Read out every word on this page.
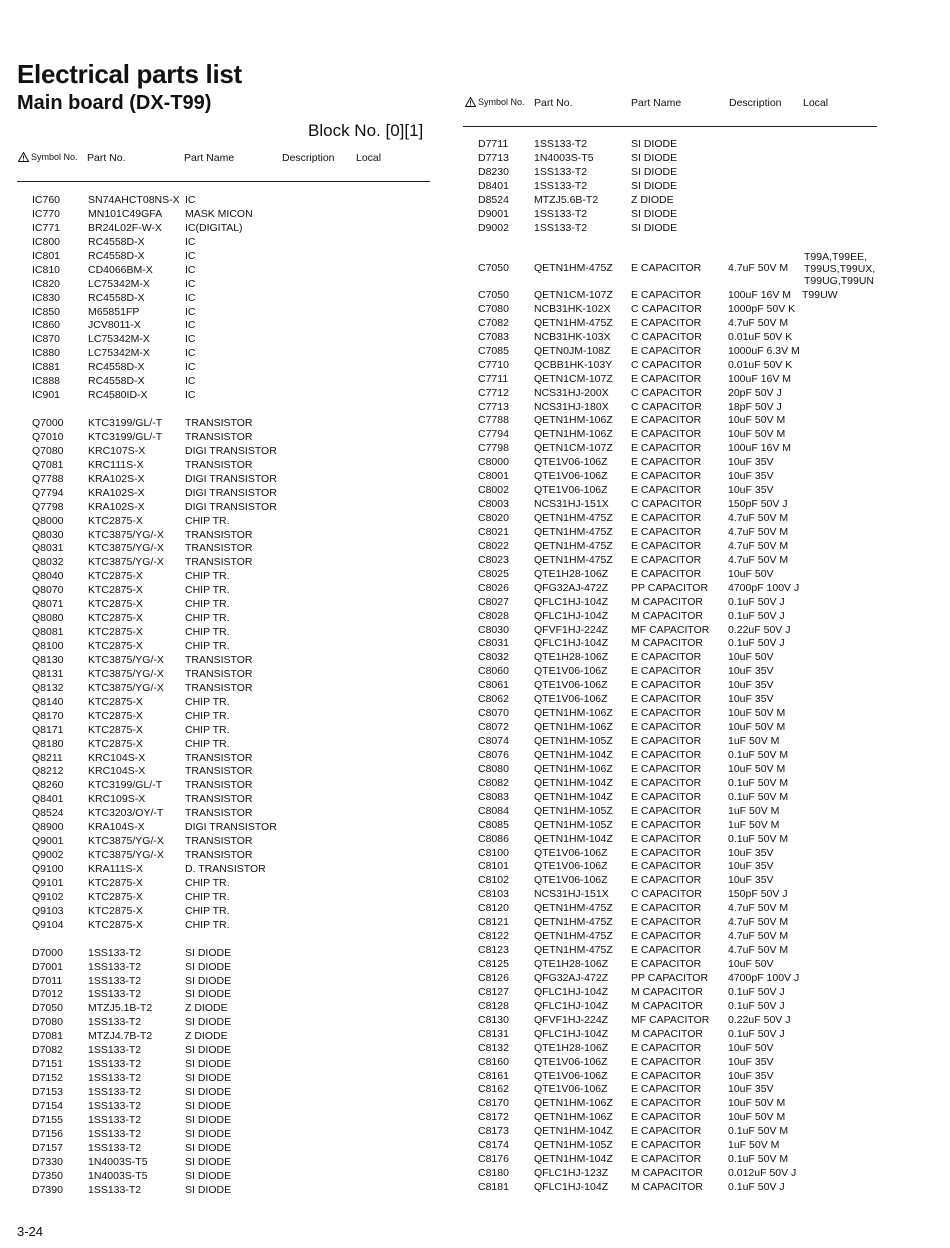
Electrical parts list
Main board (DX-T99)
Block No. [0][1]
Symbol No. Part No.	Part Name	Description Local
Symbol No. Part No.	Part Name	Description Local
IC760	SN74AHCT08NS-X IC
IC770	MN101C49GFA	MASK MICON
IC771	BR24L02F-W-X	IC(DIGITAL)
IC800	RC4558D-X	IC
IC801	RC4558D-X	IC
IC810	CD4066BM-X	IC
IC820	LC75342M-X	IC
IC830	RC4558D-X	IC
IC850	M65851FP	IC
IC860	JCV8011-X	IC
IC870	LC75342M-X	IC
IC880	LC75342M-X	IC
IC881	RC4558D-X	IC
IC888	RC4558D-X	IC
IC901	RC4580ID-X	IC
Q7000	KTC3199/GL/-T	TRANSISTOR
Q7010	KTC3199/GL/-T	TRANSISTOR
Q7080	KRC107S-X	DIGI TRANSISTOR
Q7081	KRC111S-X	TRANSISTOR
Q7788	KRA102S-X	DIGI TRANSISTOR
Q7794	KRA102S-X	DIGI TRANSISTOR
Q7798	KRA102S-X	DIGI TRANSISTOR
Q8000	KTC2875-X	CHIP TR.
Q8030	KTC3875/YG/-X	TRANSISTOR
Q8031	KTC3875/YG/-X	TRANSISTOR
Q8032	KTC3875/YG/-X	TRANSISTOR
Q8040	KTC2875-X	CHIP TR.
Q8070	KTC2875-X	CHIP TR.
Q8071	KTC2875-X	CHIP TR.
Q8080	KTC2875-X	CHIP TR.
Q8081	KTC2875-X	CHIP TR.
Q8100	KTC2875-X	CHIP TR.
Q8130	KTC3875/YG/-X	TRANSISTOR
Q8131	KTC3875/YG/-X	TRANSISTOR
Q8132	KTC3875/YG/-X	TRANSISTOR
Q8140	KTC2875-X	CHIP TR.
Q8170	KTC2875-X	CHIP TR.
Q8171	KTC2875-X	CHIP TR.
Q8180	KTC2875-X	CHIP TR.
Q8211	KRC104S-X	TRANSISTOR
Q8212	KRC104S-X	TRANSISTOR
Q8260	KTC3199/GL/-T	TRANSISTOR
Q8401	KRC109S-X	TRANSISTOR
Q8524	KTC3203/OY/-T	TRANSISTOR
Q8900	KRA104S-X	DIGI TRANSISTOR
Q9001	KTC3875/YG/-X	TRANSISTOR
Q9002	KTC3875/YG/-X	TRANSISTOR
Q9100	KRA111S-X	D. TRANSISTOR
Q9101	KTC2875-X	CHIP TR.
Q9102	KTC2875-X	CHIP TR.
Q9103	KTC2875-X	CHIP TR.
Q9104	KTC2875-X	CHIP TR.
D7000	1SS133-T2	SI DIODE
D7001	1SS133-T2	SI DIODE
D7011	1SS133-T2	SI DIODE
D7012	1SS133-T2	SI DIODE
D7050	MTZJ5.1B-T2	Z DIODE
D7080	1SS133-T2	SI DIODE
D7081	MTZJ4.7B-T2	Z DIODE
D7082	1SS133-T2	SI DIODE
D7151	1SS133-T2	SI DIODE
D7152	1SS133-T2	SI DIODE
D7153	1SS133-T2	SI DIODE
D7154	1SS133-T2	SI DIODE
D7155	1SS133-T2	SI DIODE
D7156	1SS133-T2	SI DIODE
D7157	1SS133-T2	SI DIODE
D7330	1N4003S-T5	SI DIODE
D7350	1N4003S-T5	SI DIODE
D7390	1SS133-T2	SI DIODE
D7711	1SS133-T2	SI DIODE
D7713	1N4003S-T5	SI DIODE
D8230	1SS133-T2	SI DIODE
D8401	1SS133-T2	SI DIODE
D8524	MTZJ5.6B-T2	Z DIODE
D9001	1SS133-T2	SI DIODE
D9002	1SS133-T2	SI DIODE
C7050	QETN1HM-475Z	E CAPACITOR	4.7uF 50V M
T99A,T99EE,
T99US,T99UX,
T99UG,T99UN
C7050	QETN1CM-107Z	E CAPACITOR	100uF 16V M	T99UW
C7080	NCB31HK-102X	C CAPACITOR	1000pF 50V K
C7082	QETN1HM-475Z	E CAPACITOR	4.7uF 50V M
C7083	NCB31HK-103X	C CAPACITOR	0.01uF 50V K
C7085	QETN0JM-108Z	E CAPACITOR	1000uF 6.3V M
C7710	QCBB1HK-103Y	C CAPACITOR	0.01uF 50V K
C7711	QETN1CM-107Z	E CAPACITOR	100uF 16V M
C7712	NCS31HJ-200X	C CAPACITOR	20pF 50V J
C7713	NCS31HJ-180X	C CAPACITOR	18pF 50V J
C7788	QETN1HM-106Z	E CAPACITOR	10uF 50V M
C7794	QETN1HM-106Z	E CAPACITOR	10uF 50V M
C7798	QETN1CM-107Z	E CAPACITOR	100uF 16V M
C8000	QTE1V06-106Z	E CAPACITOR	10uF 35V
C8001	QTE1V06-106Z	E CAPACITOR	10uF 35V
C8002	QTE1V06-106Z	E CAPACITOR	10uF 35V
C8003	NCS31HJ-151X	C CAPACITOR	150pF 50V J
C8020	QETN1HM-475Z	E CAPACITOR	4.7uF 50V M
C8021	QETN1HM-475Z	E CAPACITOR	4.7uF 50V M
C8022	QETN1HM-475Z	E CAPACITOR	4.7uF 50V M
C8023	QETN1HM-475Z	E CAPACITOR	4.7uF 50V M
C8025	QTE1H28-106Z	E CAPACITOR	10uF 50V
C8026	QFG32AJ-472Z	PP CAPACITOR	4700pF 100V J
C8027	QFLC1HJ-104Z	M CAPACITOR	0.1uF 50V J
C8028	QFLC1HJ-104Z	M CAPACITOR	0.1uF 50V J
C8030	QFVF1HJ-224Z	MF CAPACITOR	0.22uF 50V J
C8031	QFLC1HJ-104Z	M CAPACITOR	0.1uF 50V J
C8032	QTE1H28-106Z	E CAPACITOR	10uF 50V
C8060	QTE1V06-106Z	E CAPACITOR	10uF 35V
C8061	QTE1V06-106Z	E CAPACITOR	10uF 35V
C8062	QTE1V06-106Z	E CAPACITOR	10uF 35V
C8070	QETN1HM-106Z	E CAPACITOR	10uF 50V M
C8072	QETN1HM-106Z	E CAPACITOR	10uF 50V M
C8074	QETN1HM-105Z	E CAPACITOR	1uF 50V M
C8076	QETN1HM-104Z	E CAPACITOR	0.1uF 50V M
C8080	QETN1HM-106Z	E CAPACITOR	10uF 50V M
C8082	QETN1HM-104Z	E CAPACITOR	0.1uF 50V M
C8083	QETN1HM-104Z	E CAPACITOR	0.1uF 50V M
C8084	QETN1HM-105Z	E CAPACITOR	1uF 50V M
C8085	QETN1HM-105Z	E CAPACITOR	1uF 50V M
C8086	QETN1HM-104Z	E CAPACITOR	0.1uF 50V M
C8100	QTE1V06-106Z	E CAPACITOR	10uF 35V
C8101	QTE1V06-106Z	E CAPACITOR	10uF 35V
C8102	QTE1V06-106Z	E CAPACITOR	10uF 35V
C8103	NCS31HJ-151X	C CAPACITOR	150pF 50V J
C8120	QETN1HM-475Z	E CAPACITOR	4.7uF 50V M
C8121	QETN1HM-475Z	E CAPACITOR	4.7uF 50V M
C8122	QETN1HM-475Z	E CAPACITOR	4.7uF 50V M
C8123	QETN1HM-475Z	E CAPACITOR	4.7uF 50V M
C8125	QTE1H28-106Z	E CAPACITOR	10uF 50V
C8126	QFG32AJ-472Z	PP CAPACITOR	4700pF 100V J
C8127	QFLC1HJ-104Z	M CAPACITOR	0.1uF 50V J
C8128	QFLC1HJ-104Z	M CAPACITOR	0.1uF 50V J
C8130	QFVF1HJ-224Z	MF CAPACITOR	0.22uF 50V J
C8131	QFLC1HJ-104Z	M CAPACITOR	0.1uF 50V J
C8132	QTE1H28-106Z	E CAPACITOR	10uF 50V
C8160	QTE1V06-106Z	E CAPACITOR	10uF 35V
C8161	QTE1V06-106Z	E CAPACITOR	10uF 35V
C8162	QTE1V06-106Z	E CAPACITOR	10uF 35V
C8170	QETN1HM-106Z	E CAPACITOR	10uF 50V M
C8172	QETN1HM-106Z	E CAPACITOR	10uF 50V M
C8173	QETN1HM-104Z	E CAPACITOR	0.1uF 50V M
C8174	QETN1HM-105Z	E CAPACITOR	1uF 50V M
C8176	QETN1HM-104Z	E CAPACITOR	0.1uF 50V M
C8180	QFLC1HJ-123Z	M CAPACITOR	0.012uF 50V J
C8181	QFLC1HJ-104Z	M CAPACITOR	0.1uF 50V J
3-24
